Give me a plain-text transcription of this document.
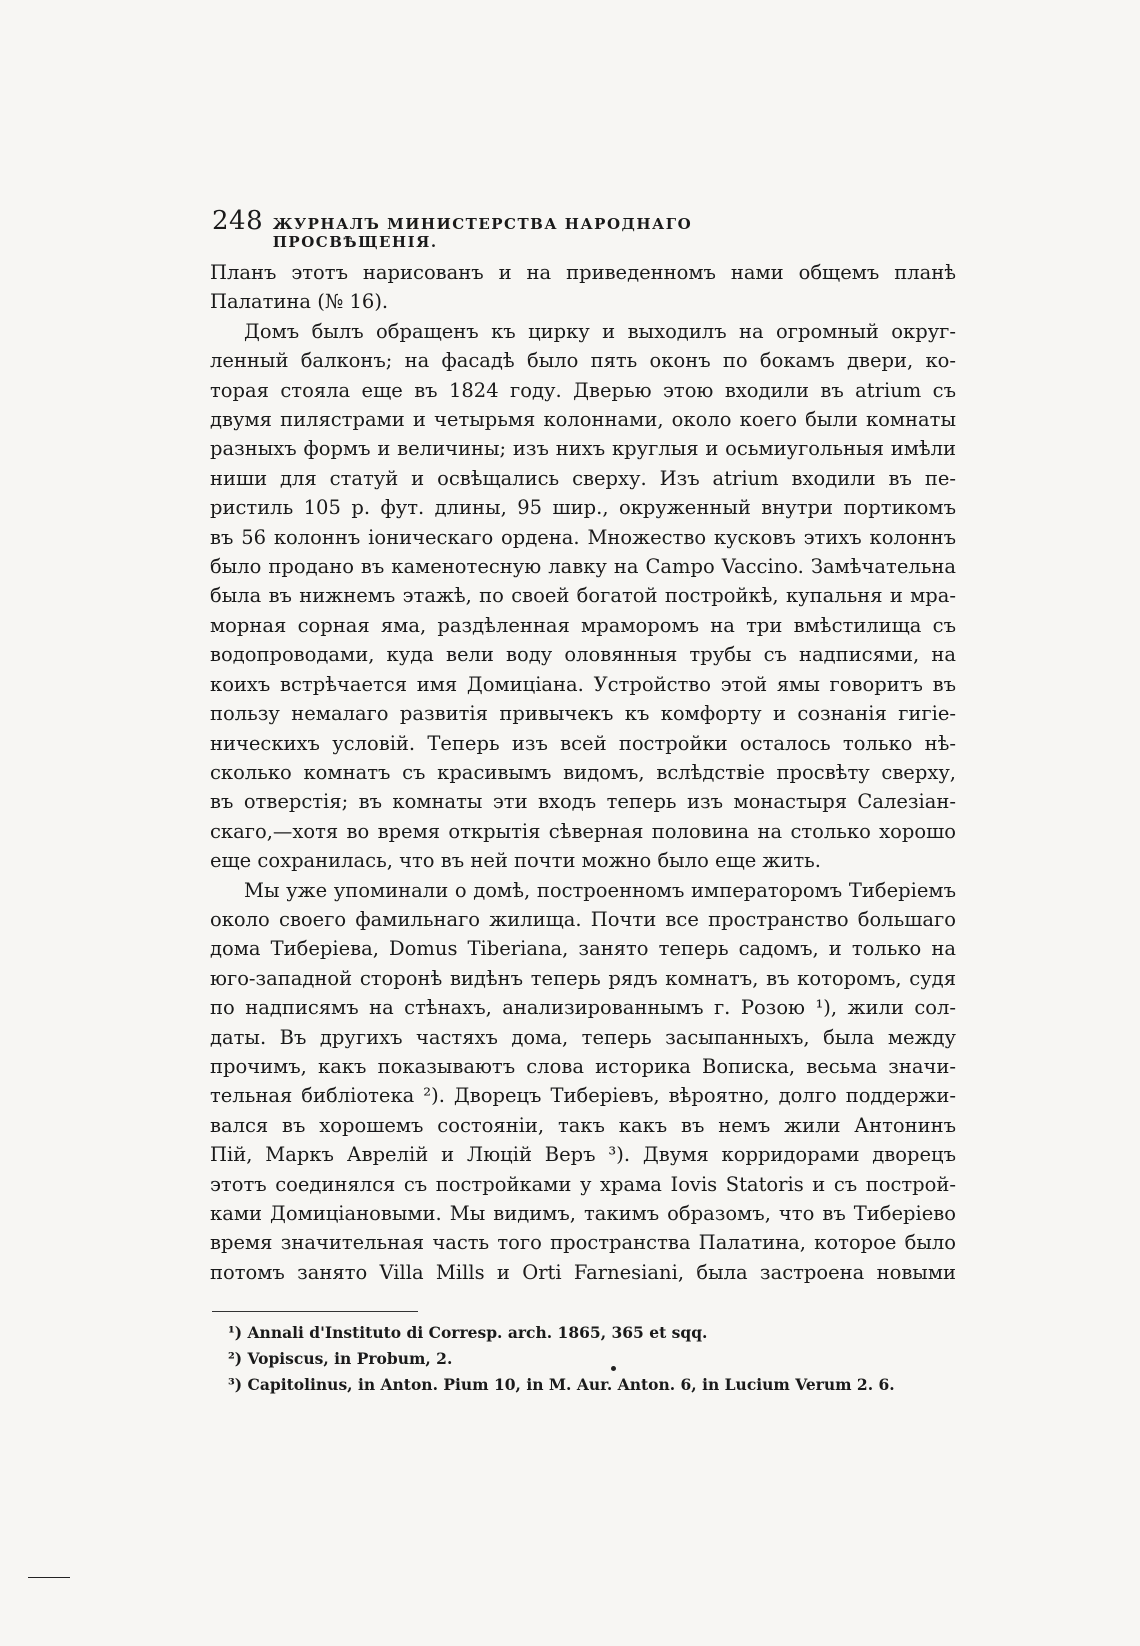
248 ЖУРНАЛЪ МИНИСТЕРСТВА НАРОДНАГО ПРОСВѢЩЕНІЯ.
Планъ этотъ нарисованъ и на приведенномъ нами общемъ планѣ
Палатина (№ 16).
Домъ былъ обращенъ къ цирку и выходилъ на огромный округ-
ленный балконъ; на фасадѣ было пять оконъ по бокамъ двери, ко-
торая стояла еще въ 1824 году. Дверью этою входили въ atrium съ
двумя пилястрами и четырьмя колоннами, около коего были комнаты
разныхъ формъ и величины; изъ нихъ круглыя и осьмиугольныя имѣли
ниши для статуй и освѣщались сверху. Изъ atrium входили въ пе-
ристиль 105 р. фут. длины, 95 шир., окруженный внутри портикомъ
въ 56 колоннъ іоническаго ордена. Множество кусковъ этихъ колоннъ
было продано въ каменотесную лавку на Campo Vaccino. Замѣчательна
была въ нижнемъ этажѣ, по своей богатой постройкѣ, купальня и мра-
морная сорная яма, раздѣленная мраморомъ на три вмѣстилища съ
водопроводами, куда вели воду оловянныя трубы съ надписями, на
коихъ встрѣчается имя Домиціана. Устройство этой ямы говоритъ въ
пользу немалаго развитія привычекъ къ комфорту и сознанія гигіе-
ническихъ условій. Теперь изъ всей постройки осталось только нѣ-
сколько комнатъ съ красивымъ видомъ, вслѣдствіе просвѣту сверху,
въ отверстія; въ комнаты эти входъ теперь изъ монастыря Салезіан-
скаго,—хотя во время открытія сѣверная половина на столько хорошо
еще сохранилась, что въ ней почти можно было еще жить.
Мы уже упоминали о домѣ, построенномъ императоромъ Тиберіемъ
около своего фамильнаго жилища. Почти все пространство большаго
дома Тиберіева, Domus Tiberiana, занято теперь садомъ, и только на
юго-западной сторонѣ видѣнъ теперь рядъ комнатъ, въ которомъ, судя
по надписямъ на стѣнахъ, анализированнымъ г. Розою ¹), жили сол-
даты. Въ другихъ частяхъ дома, теперь засыпанныхъ, была между
прочимъ, какъ показываютъ слова историка Вописка, весьма значи-
тельная библіотека ²). Дворецъ Тиберіевъ, вѣроятно, долго поддержи-
вался въ хорошемъ состояніи, такъ какъ въ немъ жили Антонинъ
Пій, Маркъ Аврелій и Люцій Веръ ³). Двумя корридорами дворецъ
этотъ соединялся съ постройками у храма Iovis Statoris и съ построй-
ками Домиціановыми. Мы видимъ, такимъ образомъ, что въ Тиберіево
время значительная часть того пространства Палатина, которое было
потомъ занято Villa Mills и Orti Farnesiani, была застроена новыми
¹) Annali d'Instituto di Corresp. arch. 1865, 365 et sqq.
²) Vopiscus, in Probum, 2.
³) Capitolinus, in Anton. Pium 10, in M. Aur. Anton. 6, in Lucium Verum 2. 6.
